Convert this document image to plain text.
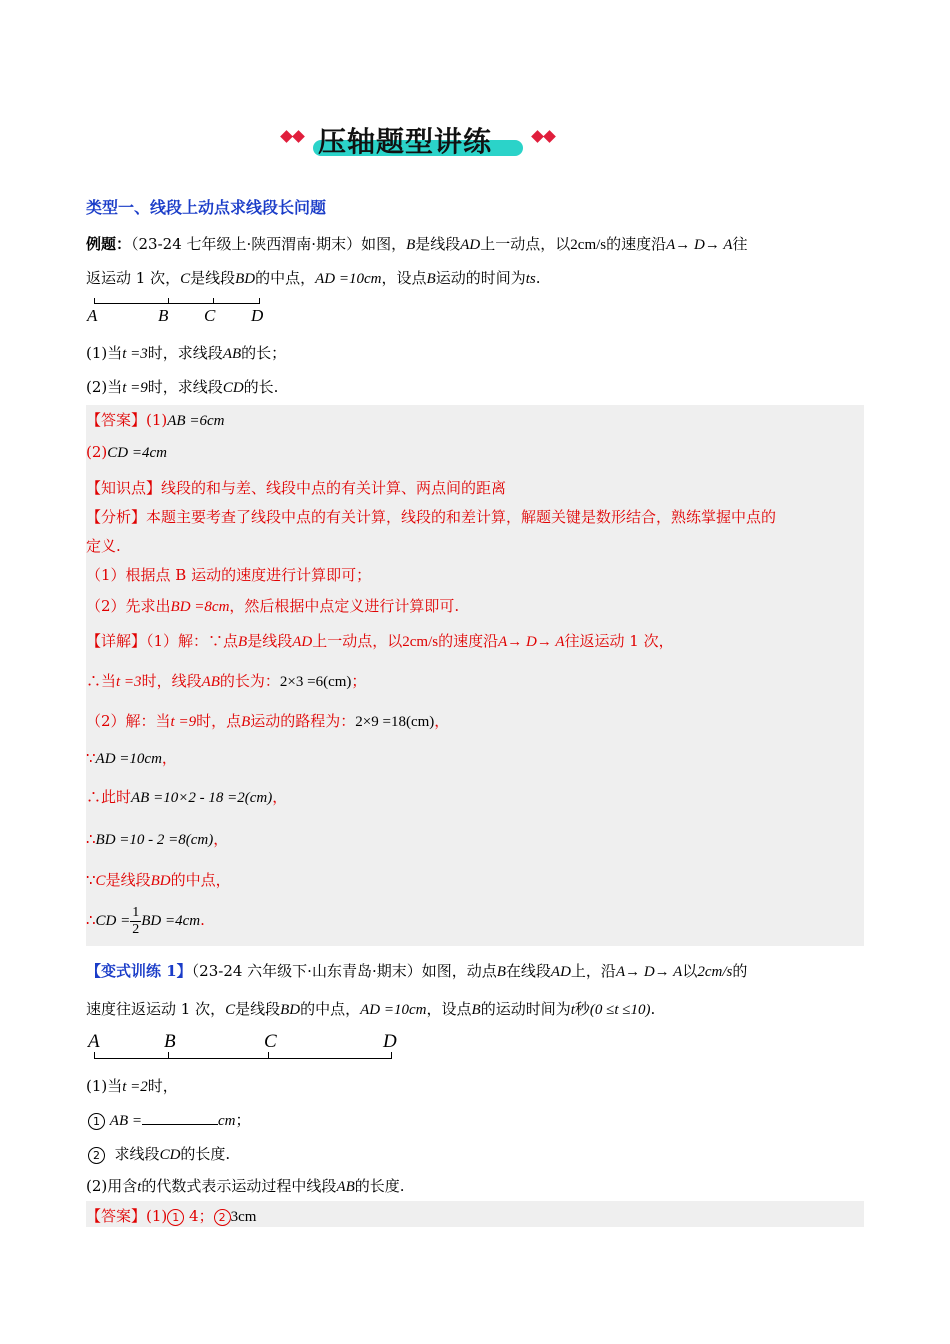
压轴题型讲练
类型一、线段上动点求线段长问题
例题：（23-24 七年级上·陕西渭南·期末）如图，B是线段AD上一动点，以2cm/s的速度沿A→ D→ A往
返运动 1 次，C是线段BD的中点，AD =10cm，设点B运动的时间为ts.
A	B C D
(1)当t =3时，求线段AB的长；
(2)当t =9时，求线段CD的长.
【答案】(1)AB =6cm
(2)CD =4cm
【知识点】线段的和与差、线段中点的有关计算、两点间的距离
【分析】本题主要考查了线段中点的有关计算，线段的和差计算，解题关键是数形结合，熟练掌握中点的
定义.
（1）根据点 B 运动的速度进行计算即可；
（2）先求出BD =8cm，然后根据中点定义进行计算即可.
【详解】（1）解：∵点B是线段AD上一动点，以2cm/s的速度沿A→ D→ A往返运动 1 次，
∴当t =3时，线段AB的长为：2×3 =6(cm)；
（2）解：当t =9时，点B运动的路程为：2×9 =18(cm)，
∵AD =10cm，
∴此时AB =10×2 - 18 =2(cm)，
∴BD =10 - 2 =8(cm)，
∵C是线段BD的中点，
∴CD = $\frac{1}{2}$ BD =4cm.
【变式训练 1】（23-24 六年级下·山东青岛·期末）如图，动点B在线段AD上，沿A→ D→ A以2cm/s的
速度往返运动 1 次，C是线段BD的中点，AD =10cm，设点B的运动时间为t秒(0 ≤t ≤10).
A	B	C	D
(1)当t =2时，
1 AB =	cm；
2 求线段CD的长度.
(2)用含t的代数式表示运动过程中线段AB的长度.
【答案】(1) 1 4； 2 3cm
